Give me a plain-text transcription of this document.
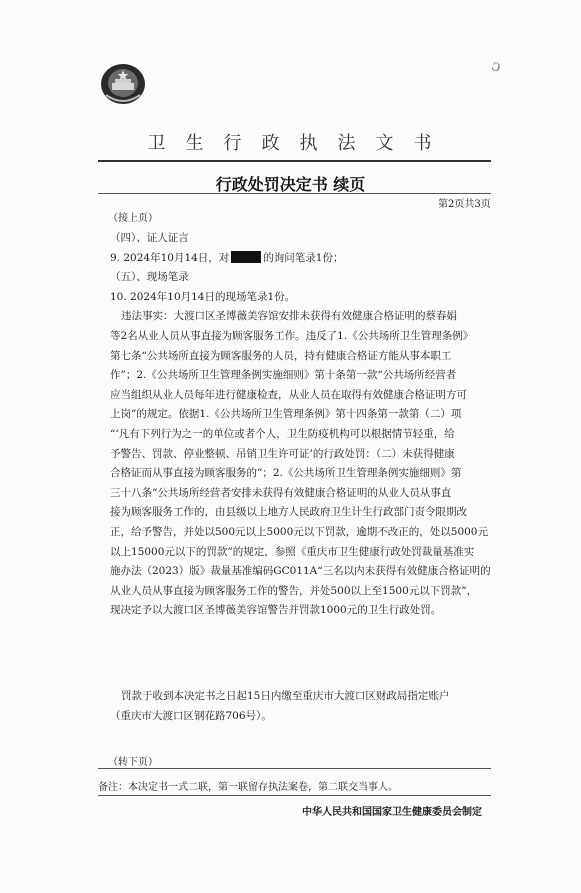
ɔ
卫生行政执法文书
行政处罚决定书 续页
第2页共3页
（接上页）
（四）、证人证言
9. 2024年10月14日，对	的询问笔录1份；
（五）、现场笔录
10. 2024年10月14日的现场笔录1份。
违法事实：大渡口区圣博薇美容馆安排未获得有效健康合格证明的蔡春娟
等2名从业人员从事直接为顾客服务工作。违反了1.《公共场所卫生管理条例》
第七条“公共场所直接为顾客服务的人员，持有健康合格证方能从事本职工
作”；2.《公共场所卫生管理条例实施细则》第十条第一款“公共场所经营者
应当组织从业人员每年进行健康检查，从业人员在取得有效健康合格证明方可
上岗”的规定。依据1.《公共场所卫生管理条例》第十四条第一款第（二）项
“‘凡有下列行为之一的单位或者个人，卫生防疫机构可以根据情节轻重，给
予警告、罚款、停业整顿、吊销卫生许可证’的行政处罚：（二）未获得健康
合格证而从事直接为顾客服务的”；2.《公共场所卫生管理条例实施细则》第
三十八条“公共场所经营者安排未获得有效健康合格证明的从业人员从事直
接为顾客服务工作的，由县级以上地方人民政府卫生计生行政部门责令限期改
正，给予警告，并处以500元以上5000元以下罚款，逾期不改正的，处以5000元
以上15000元以下的罚款”的规定，参照《重庆市卫生健康行政处罚裁量基准实
施办法（2023）版》裁量基准编码GC011A“三名以内未获得有效健康合格证明的
从业人员从事直接为顾客服务工作的警告，并处500以上至1500元以下罚款”，
现决定予以大渡口区圣博薇美容馆警告并罚款1000元的卫生行政处罚。
罚款于收到本决定书之日起15日内缴至重庆市大渡口区财政局指定账户
（重庆市大渡口区钢花路706号）。
（转下页）
备注：本决定书一式二联，第一联留存执法案卷，第二联交当事人。
中华人民共和国国家卫生健康委员会制定
